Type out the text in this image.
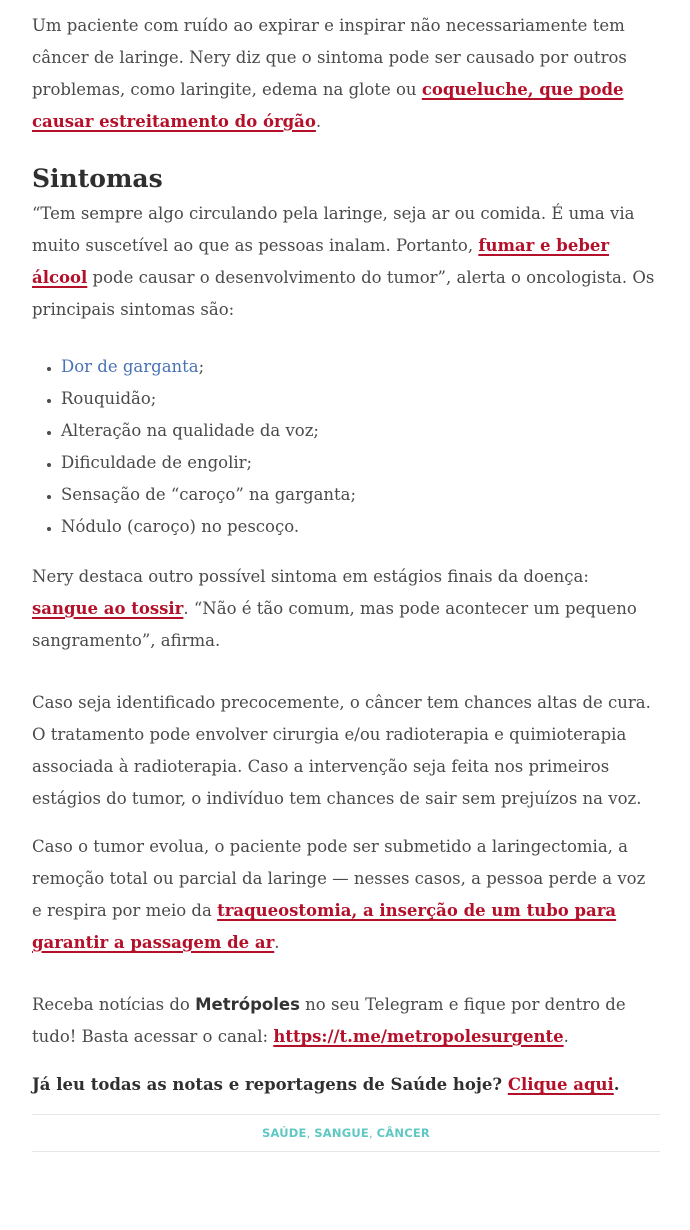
Um paciente com ruído ao expirar e inspirar não necessariamente tem câncer de laringe. Nery diz que o sintoma pode ser causado por outros problemas, como laringite, edema na glote ou coqueluche, que pode causar estreitamento do órgão.

Sintomas

“Tem sempre algo circulando pela laringe, seja ar ou comida. É uma via muito suscetível ao que as pessoas inalam. Portanto, fumar e beber álcool pode causar o desenvolvimento do tumor”, alerta o oncologista. Os principais sintomas são:

• Dor de garganta;
• Rouquidão;
• Alteração na qualidade da voz;
• Dificuldade de engolir;
• Sensação de “caroço” na garganta;
• Nódulo (caroço) no pescoço.

Nery destaca outro possível sintoma em estágios finais da doença: sangue ao tossir. “Não é tão comum, mas pode acontecer um pequeno sangramento”, afirma.

Caso seja identificado precocemente, o câncer tem chances altas de cura. O tratamento pode envolver cirurgia e/ou radioterapia e quimioterapia associada à radioterapia. Caso a intervenção seja feita nos primeiros estágios do tumor, o indivíduo tem chances de sair sem prejuízos na voz.

Caso o tumor evolua, o paciente pode ser submetido a laringectomia, a remoção total ou parcial da laringe — nesses casos, a pessoa perde a voz e respira por meio da traqueostomia, a inserção de um tubo para garantir a passagem de ar.

Receba notícias do Metrópoles no seu Telegram e fique por dentro de tudo! Basta acessar o canal: https://t.me/metropolesurgente.

Já leu todas as notas e reportagens de Saúde hoje? Clique aqui.

SAÚDE , SANGUE , CÂNCER
